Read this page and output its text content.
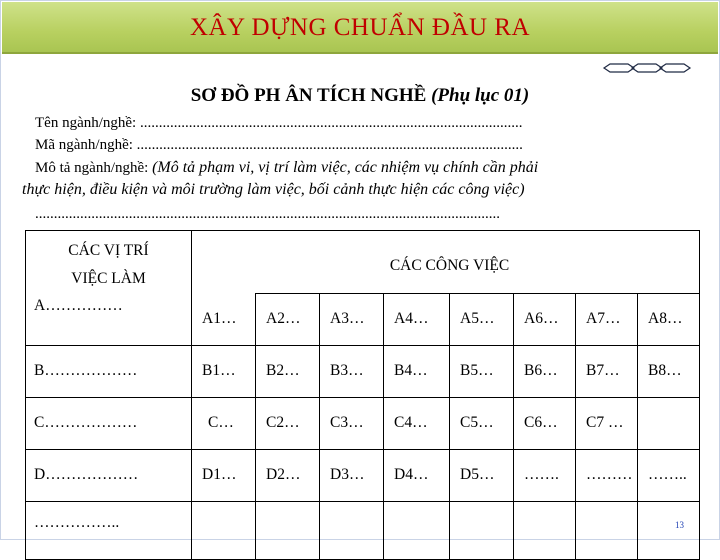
XÂY DỰNG CHUẨN ĐẦU RA
SƠ ĐỒ PH ÂN TÍCH NGHỀ (Phụ lục 01)
Tên ngành/nghề: ......................................................................................................
Mã ngành/nghề: .......................................................................................................
Mô tả ngành/nghề: (Mô tả phạm vi, vị trí làm việc, các nhiệm vụ chính cần phải
thực hiện, điều kiện và môi trường làm việc, bối cảnh thực hiện các công việc)
............................................................................................................................
CÁC VỊ TRÍ VIỆC LÀM	CÁC CÔNG VIỆC							
A……………	A1…	A2…	A3…	A4…	A5…	A6…	A7…	A8…
B………………	B1…	B2…	B3…	B4…	B5…	B6…	B7…	B8…
C………………	C…	C2…	C3…	C4…	C5…	C6…	C7 …	
D………………	D1…	D2…	D3…	D4…	D5…	…….	………	……..
……………..									13
